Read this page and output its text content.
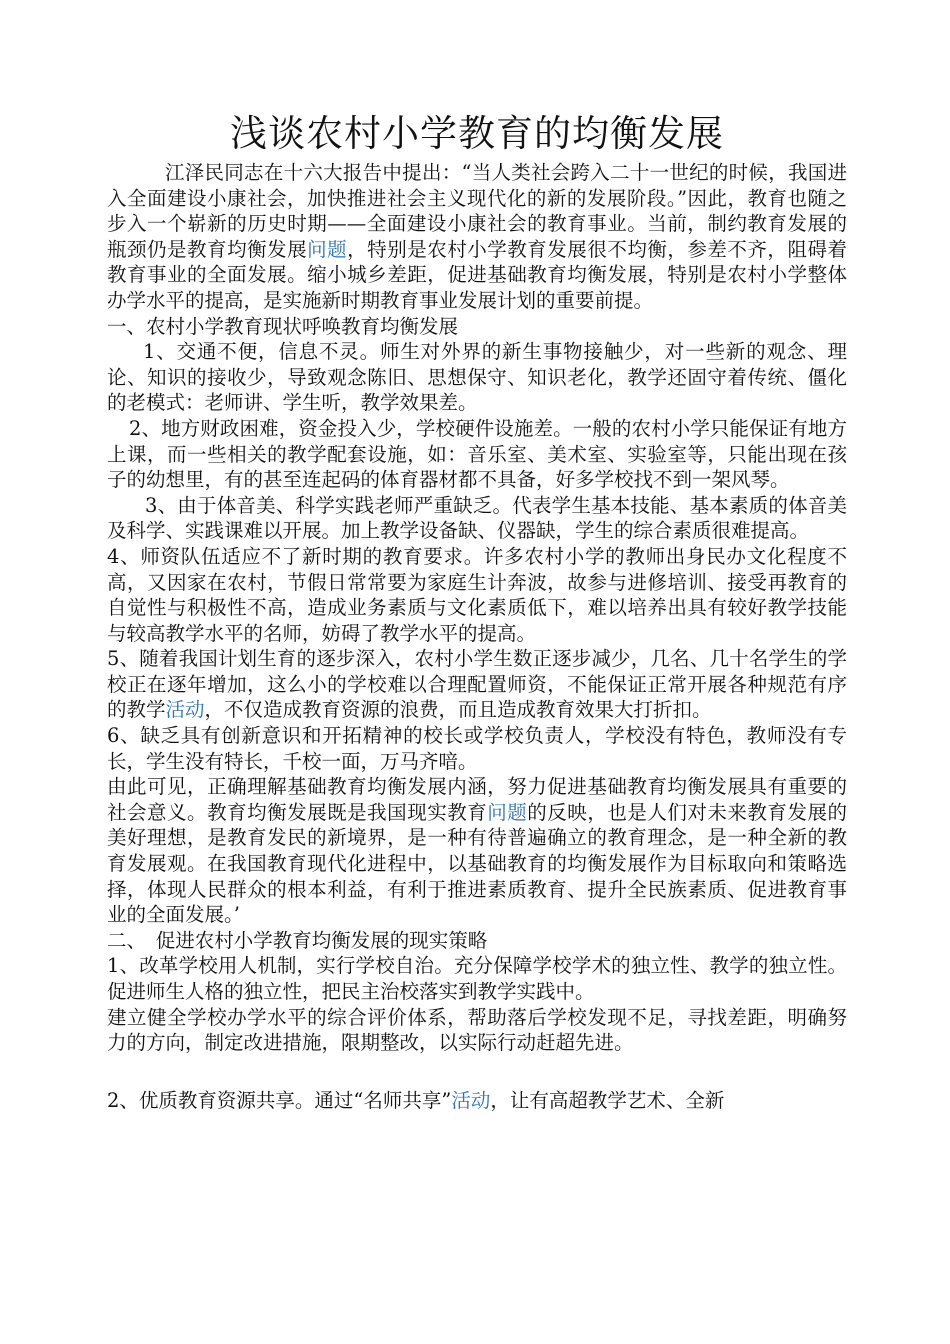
浅谈农村小学教育的均衡发展

江泽民同志在十六大报告中提出：“当人类社会跨入二十一世纪的时候，我国进入全面建设小康社会，加快推进社会主义现代化的新的发展阶段。”因此，教育也随之步入一个崭新的历史时期——全面建设小康社会的教育事业。当前，制约教育发展的瓶颈仍是教育均衡发展问题，特别是农村小学教育发展很不均衡，参差不齐，阻碍着教育事业的全面发展。缩小城乡差距，促进基础教育均衡发展，特别是农村小学整体办学水平的提高，是实施新时期教育事业发展计划的重要前提。

一、农村小学教育现状呼唤教育均衡发展

1、交通不便，信息不灵。师生对外界的新生事物接触少，对一些新的观念、理论、知识的接收少，导致观念陈旧、思想保守、知识老化，教学还固守着传统、僵化的老模式：老师讲、学生听，教学效果差。

2、地方财政困难，资金投入少，学校硬件设施差。一般的农村小学只能保证有地方上课，而一些相关的教学配套设施，如：音乐室、美术室、实验室等，只能出现在孩子的幼想里，有的甚至连起码的体育器材都不具备，好多学校找不到一架风琴。

3、由于体音美、科学实践老师严重缺乏。代表学生基本技能、基本素质的体音美及科学、实践课难以开展。加上教学设备缺、仪器缺，学生的综合素质很难提高。

4、师资队伍适应不了新时期的教育要求。许多农村小学的教师出身民办文化程度不高，又因家在农村，节假日常常要为家庭生计奔波，故参与进修培训、接受再教育的自觉性与积极性不高，造成业务素质与文化素质低下，难以培养出具有较好教学技能与较高教学水平的名师，妨碍了教学水平的提高。

5、随着我国计划生育的逐步深入，农村小学生数正逐步减少，几名、几十名学生的学校正在逐年增加，这么小的学校难以合理配置师资，不能保证正常开展各种规范有序的教学活动，不仅造成教育资源的浪费，而且造成教育效果大打折扣。

6、缺乏具有创新意识和开拓精神的校长或学校负责人，学校没有特色，教师没有专长，学生没有特长，千校一面，万马齐喑。

由此可见，正确理解基础教育均衡发展内涵，努力促进基础教育均衡发展具有重要的社会意义。教育均衡发展既是我国现实教育问题的反映，也是人们对未来教育发展的美好理想，是教育发民的新境界，是一种有待普遍确立的教育理念，是一种全新的教育发展观。在我国教育现代化进程中，以基础教育的均衡发展作为目标取向和策略选择，体现人民群众的根本利益，有利于推进素质教育、提升全民族素质、促进教育事业的全面发展。’

二、　促进农村小学教育均衡发展的现实策略

1、改革学校用人机制，实行学校自治。充分保障学校学术的独立性、教学的独立性。促进师生人格的独立性，把民主治校落实到教学实践中。

建立健全学校办学水平的综合评价体系，帮助落后学校发现不足，寻找差距，明确努力的方向，制定改进措施，限期整改，以实际行动赶超先进。

2、优质教育资源共享。通过“名师共享”活动，让有高超教学艺术、全新
